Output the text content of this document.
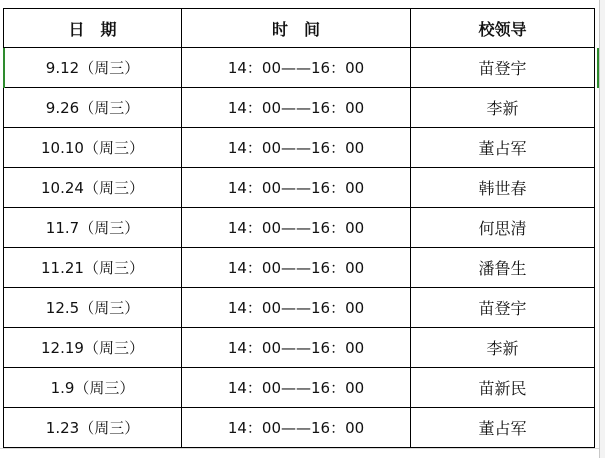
日　期	时　间	校领导
9.12（周三）	14：00——16：00	苗登宇
9.26（周三）	14：00——16：00	李新
10.10（周三）	14：00——16：00	董占军
10.24（周三）	14：00——16：00	韩世春
11.7（周三）	14：00——16：00	何思清
11.21（周三）	14：00——16：00	潘鲁生
12.5（周三）	14：00——16：00	苗登宇
12.19（周三）	14：00——16：00	李新
1.9（周三）	14：00——16：00	苗新民
1.23（周三）	14：00——16：00	董占军
